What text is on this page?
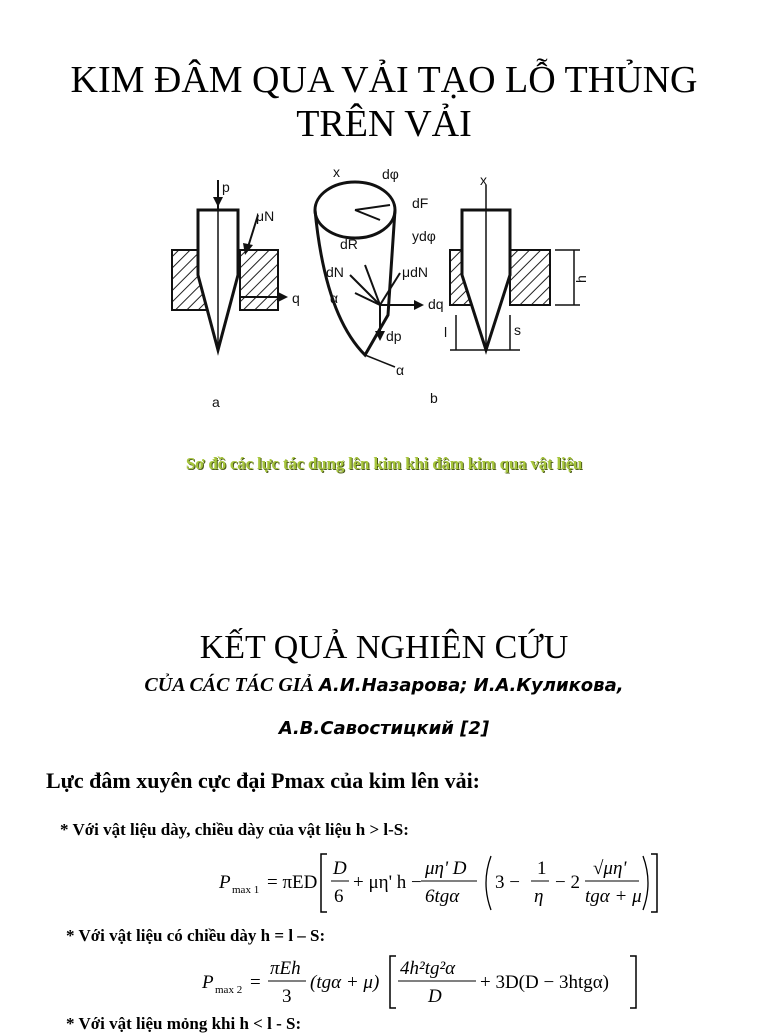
KIM ĐÂM QUA VẢI TẠO LỖ THỦNG
TRÊN VẢI
p
μN
q
a
x	dφ
dF
ydφ
dR
dN	μdN
α	dq
dp
α
b
x
h
l	s
Sơ đồ các lực tác dụng lên kim khi đâm kim qua vật liệu
KẾT QUẢ NGHIÊN CỨU
CỦA CÁC TÁC GIẢ А.И.Назарова; И.А.Куликова,
А.В.Савостицкий [2]
Lực đâm xuyên cực đại Pmax của kim lên vải:
* Với vật liệu dày, chiều dày của vật liệu h > l-S:
P max 1 = πED
D
6
+ μη' h −
μη' D
6tgα
3 −
1
η
− 2
√μη'
tgα + μ
* Với vật liệu có chiều dày h = l – S:
P max 2 =
πEh
3
(tgα + μ)
4h²tg²α
D
+ 3D(D − 3htgα)
* Với vật liệu mỏng khi h < l - S:
